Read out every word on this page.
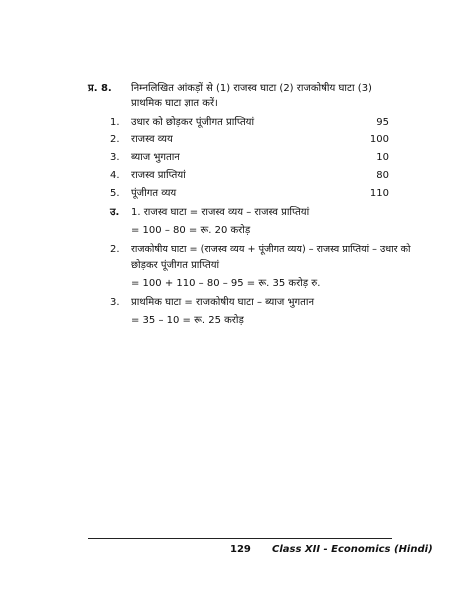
प्र. 8. निम्नलिखित आंकड़ों से (1) राजस्व घाटा (2) राजकोषीय घाटा (3)
प्राथमिक घाटा ज्ञात करें।
1. उधार को छोड़कर पूंजीगत प्राप्तियां	95
2. राजस्व व्यय	100
3. ब्याज भुगतान	10
4. राजस्व प्राप्तियां	80
5. पूंजीगत व्यय	110
उ. 1. राजस्व घाटा = राजस्व व्यय – राजस्व प्राप्तियां
= 100 – 80 = रू. 20 करोड़
2. राजकोषीय घाटा = (राजस्व व्यय + पूंजीगत व्यय) – राजस्व प्राप्तियां – उधार को
छोड़कर पूंजीगत प्राप्तियां
= 100 + 110 – 80 – 95 = रू. 35 करोड़ रु.
3. प्राथमिक घाटा = राजकोषीय घाटा – ब्याज भुगतान
= 35 – 10 = रू. 25 करोड़
129 Class XII - Economics (Hindi)
